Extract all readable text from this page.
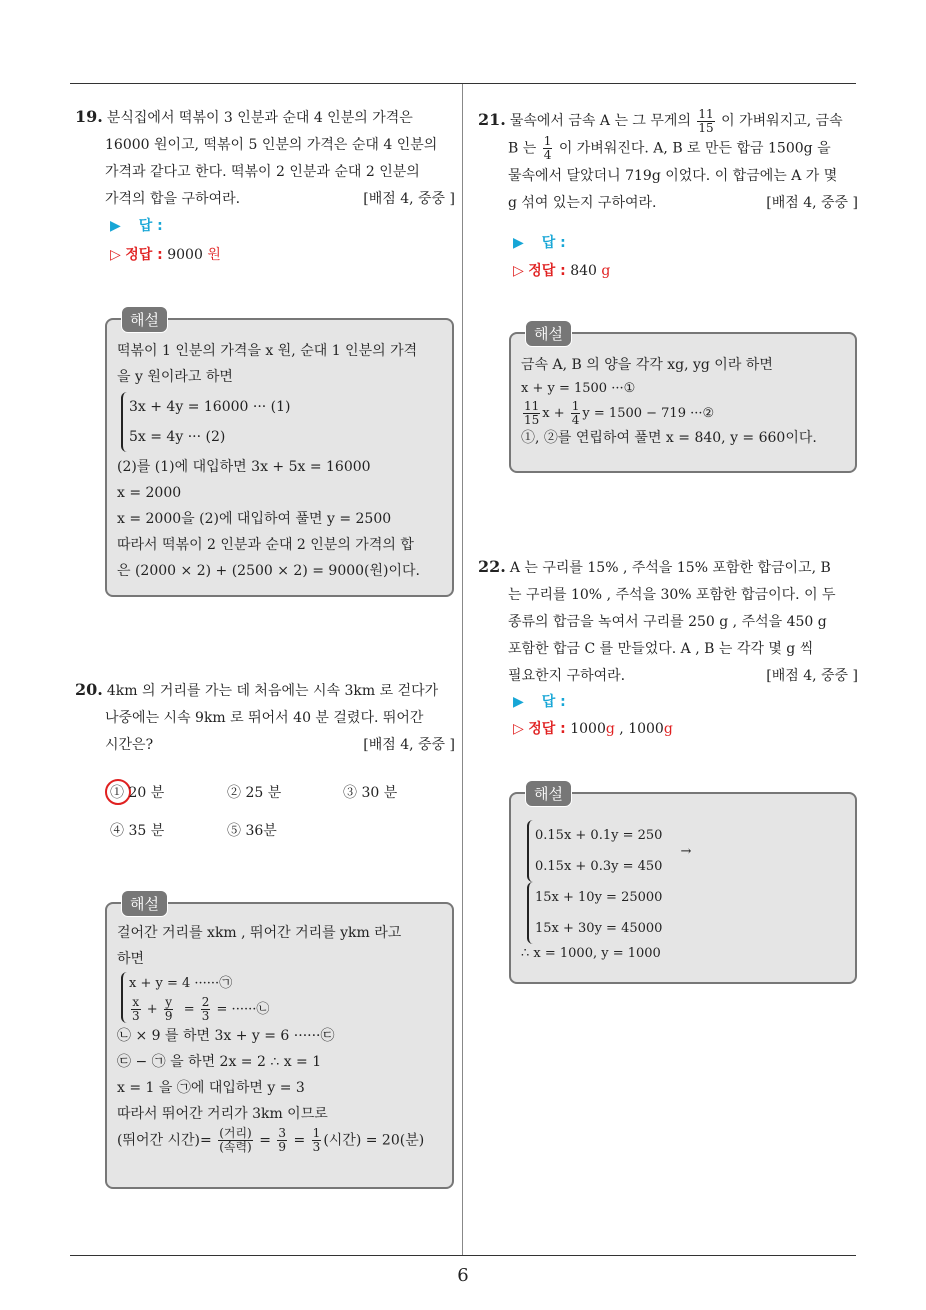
6
19. 분식집에서 떡볶이 3 인분과 순대 4 인분의 가격은
16000 원이고, 떡볶이 5 인분의 가격은 순대 4 인분의
가격과 같다고 한다. 떡볶이 2 인분과 순대 2 인분의
가격의 합을 구하여라.	[배점 4, 중중 ]
▶ 답 :
▷ 정답 : 9000 원
해설
떡볶이 1 인분의 가격을 x 원, 순대 1 인분의 가격
을 y 원이라고 하면
3x + 4y = 16000 ··· (1)
5x = 4y ··· (2)
(2)를 (1)에 대입하면 3x + 5x = 16000
x = 2000
x = 2000을 (2)에 대입하여 풀면 y = 2500
따라서 떡볶이 2 인분과 순대 2 인분의 가격의 합
은 (2000 × 2) + (2500 × 2) = 9000(원)이다.
20. 4km 의 거리를 가는 데 처음에는 시속 3km 로 걷다가
나중에는 시속 9km 로 뛰어서 40 분 걸렸다. 뛰어간
시간은?	[배점 4, 중중 ]
① 20 분	② 25 분	③ 30 분
④ 35 분	⑤ 36분
해설
걸어간 거리를 xkm , 뛰어간 거리를 ykm 라고
하면
x + y = 4 ······㉠
$\frac{x}{3} + \frac{y}{9} = \frac{2}{3}$ = ······㉡
㉡ × 9 를 하면 3x + y = 6 ······㉢
㉢ − ㉠ 을 하면 2x = 2 ∴ x = 1
x = 1 을 ㉠에 대입하면 y = 3
따라서 뛰어간 거리가 3km 이므로
(뛰어간 시간)= $\frac{\text{(거리)}}{\text{(속력)}} = \frac{3}{9} = \frac{1}{3}$ (시간) = 20(분)
21. 물속에서 금속 A 는 그 무게의 $\frac{11}{15}$ 이 가벼워지고, 금속
B 는 $\frac{1}{4}$ 이 가벼워진다. A, B 로 만든 합금 1500g 을
물속에서 달았더니 719g 이었다. 이 합금에는 A 가 몇
g 섞여 있는지 구하여라.	[배점 4, 중중 ]
▶ 답 :
▷ 정답 : 840 g
해설
금속 A, B 의 양을 각각 xg, yg 이라 하면
x + y = 1500 ···①
$\frac{11}{15}$ $x + \frac{1}{4}$ y = 1500 − 719 ···②
①, ②를 연립하여 풀면 x = 840, y = 660이다.
22. A 는 구리를 15% , 주석을 15% 포함한 합금이고, B
는 구리를 10% , 주석을 30% 포함한 합금이다. 이 두
종류의 합금을 녹여서 구리를 250 g , 주석을 450 g
포함한 합금 C 를 만들었다. A , B 는 각각 몇 g 씩
필요한지 구하여라.	[배점 4, 중중 ]
▶ 답 :
▷ 정답 : 1000g , 1000g
해설
0.15x + 0.1y = 250
0.15x + 0.3y = 450
→
15x + 10y = 25000
15x + 30y = 45000
∴ x = 1000, y = 1000
